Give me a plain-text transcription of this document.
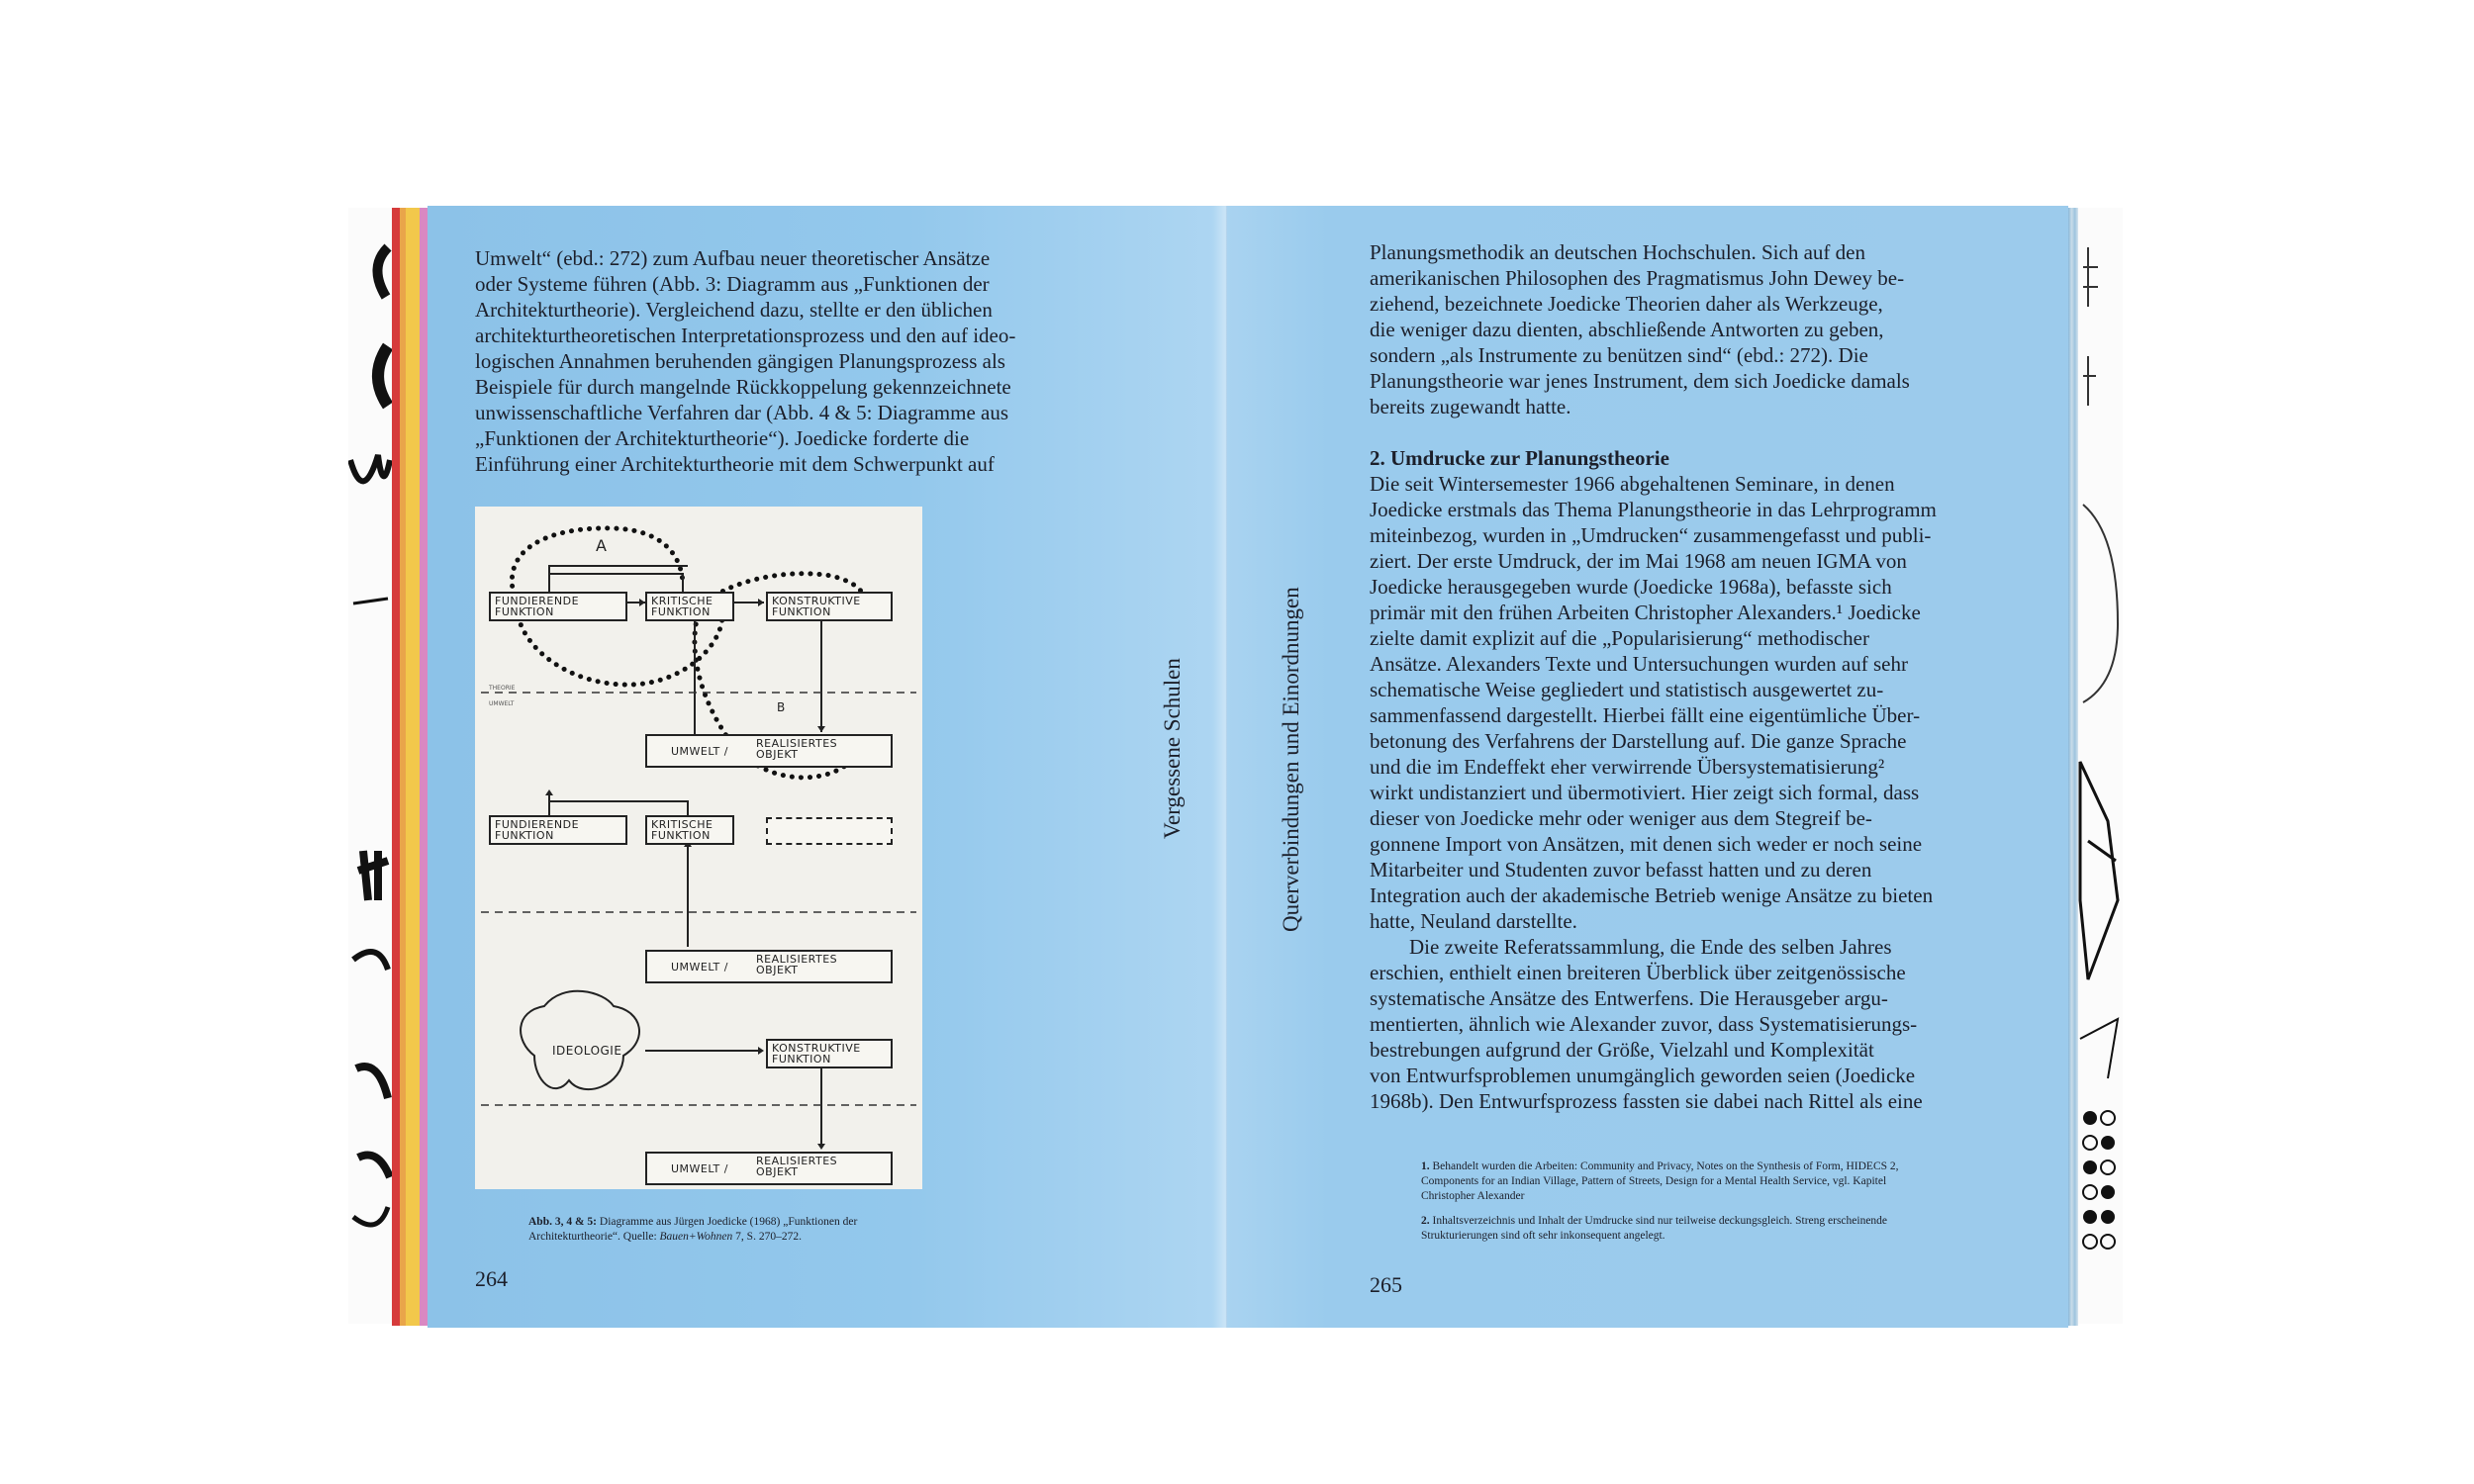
Umwelt“ (ebd.: 272) zum Aufbau neuer theoretischer Ansätze

oder Systeme führen (Abb. 3: Diagramm aus „Funktionen der

Architekturtheorie). Vergleichend dazu, stellte er den üblichen

architekturtheoretischen Interpretationsprozess und den auf ideo-

logischen Annahmen beruhenden gängigen Planungsprozess als

Beispiele für durch mangelnde Rückkoppelung gekennzeichnete

unwissenschaftliche Verfahren dar (Abb. 4 & 5: Diagramme aus

„Funktionen der Architekturtheorie“). Joedicke forderte die

Einführung einer Architekturtheorie mit dem Schwerpunkt auf

A
B
THEORIE
UMWELT
FUNDIERENDE FUNKTION
KRITISCHE FUNKTION
KONSTRUKTIVE FUNKTION
UMWELT /
REALISIERTES OBJEKT
FUNDIERENDE FUNKTION
KRITISCHE FUNKTION
UMWELT /
REALISIERTES OBJEKT
IDEOLOGIE	KONSTRUKTIVE FUNKTION
UMWELT /
REALISIERTES OBJEKT
Abb. 3, 4 & 5: Diagramme aus Jürgen Joedicke (1968) „Funktionen der
Architekturtheorie“. Quelle: Bauen+Wohnen 7, S. 270–272.
264
Vergessene Schulen	Querverbindungen und Einordnungen

Planungsmethodik an deutschen Hochschulen. Sich auf den

amerikanischen Philosophen des Pragmatismus John Dewey be-

ziehend, bezeichnete Joedicke Theorien daher als Werkzeuge,

die weniger dazu dienten, abschließende Antworten zu geben,

sondern „als Instrumente zu benützen sind“ (ebd.: 272). Die

Planungstheorie war jenes Instrument, dem sich Joedicke damals

bereits zugewandt hatte.

2. Umdrucke zur Planungstheorie

Die seit Wintersemester 1966 abgehaltenen Seminare, in denen

Joedicke erstmals das Thema Planungstheorie in das Lehrprogramm

miteinbezog, wurden in „Umdrucken“ zusammengefasst und publi-

ziert. Der erste Umdruck, der im Mai 1968 am neuen IGMA von

Joedicke herausgegeben wurde (Joedicke 1968a), befasste sich

primär mit den frühen Arbeiten Christopher Alexanders.¹ Joedicke

zielte damit explizit auf die „Popularisierung“ methodischer

Ansätze. Alexanders Texte und Untersuchungen wurden auf sehr

schematische Weise gegliedert und statistisch ausgewertet zu-

sammenfassend dargestellt. Hierbei fällt eine eigentümliche Über-

betonung des Verfahrens der Darstellung auf. Die ganze Sprache

und die im Endeffekt eher verwirrende Übersystematisierung²

wirkt undistanziert und übermotiviert. Hier zeigt sich formal, dass

dieser von Joedicke mehr oder weniger aus dem Stegreif be-

gonnene Import von Ansätzen, mit denen sich weder er noch seine

Mitarbeiter und Studenten zuvor befasst hatten und zu deren

Integration auch der akademische Betrieb wenige Ansätze zu bieten

hatte, Neuland darstellte.

Die zweite Referatssammlung, die Ende des selben Jahres

erschien, enthielt einen breiteren Überblick über zeitgenössische

systematische Ansätze des Entwerfens. Die Herausgeber argu-

mentierten, ähnlich wie Alexander zuvor, dass Systematisierungs-

bestrebungen aufgrund der Größe, Vielzahl und Komplexität

von Entwurfsproblemen unumgänglich geworden seien (Joedicke

1968b). Den Entwurfsprozess fassten sie dabei nach Rittel als eine

1. Behandelt wurden die Arbeiten: Community and Privacy, Notes on the Synthesis of Form, HIDECS 2,
Components for an Indian Village, Pattern of Streets, Design for a Mental Health Service, vgl. Kapitel
Christopher Alexander
2. Inhaltsverzeichnis und Inhalt der Umdrucke sind nur teilweise deckungsgleich. Streng erscheinende
Strukturierungen sind oft sehr inkonsequent angelegt.
265
